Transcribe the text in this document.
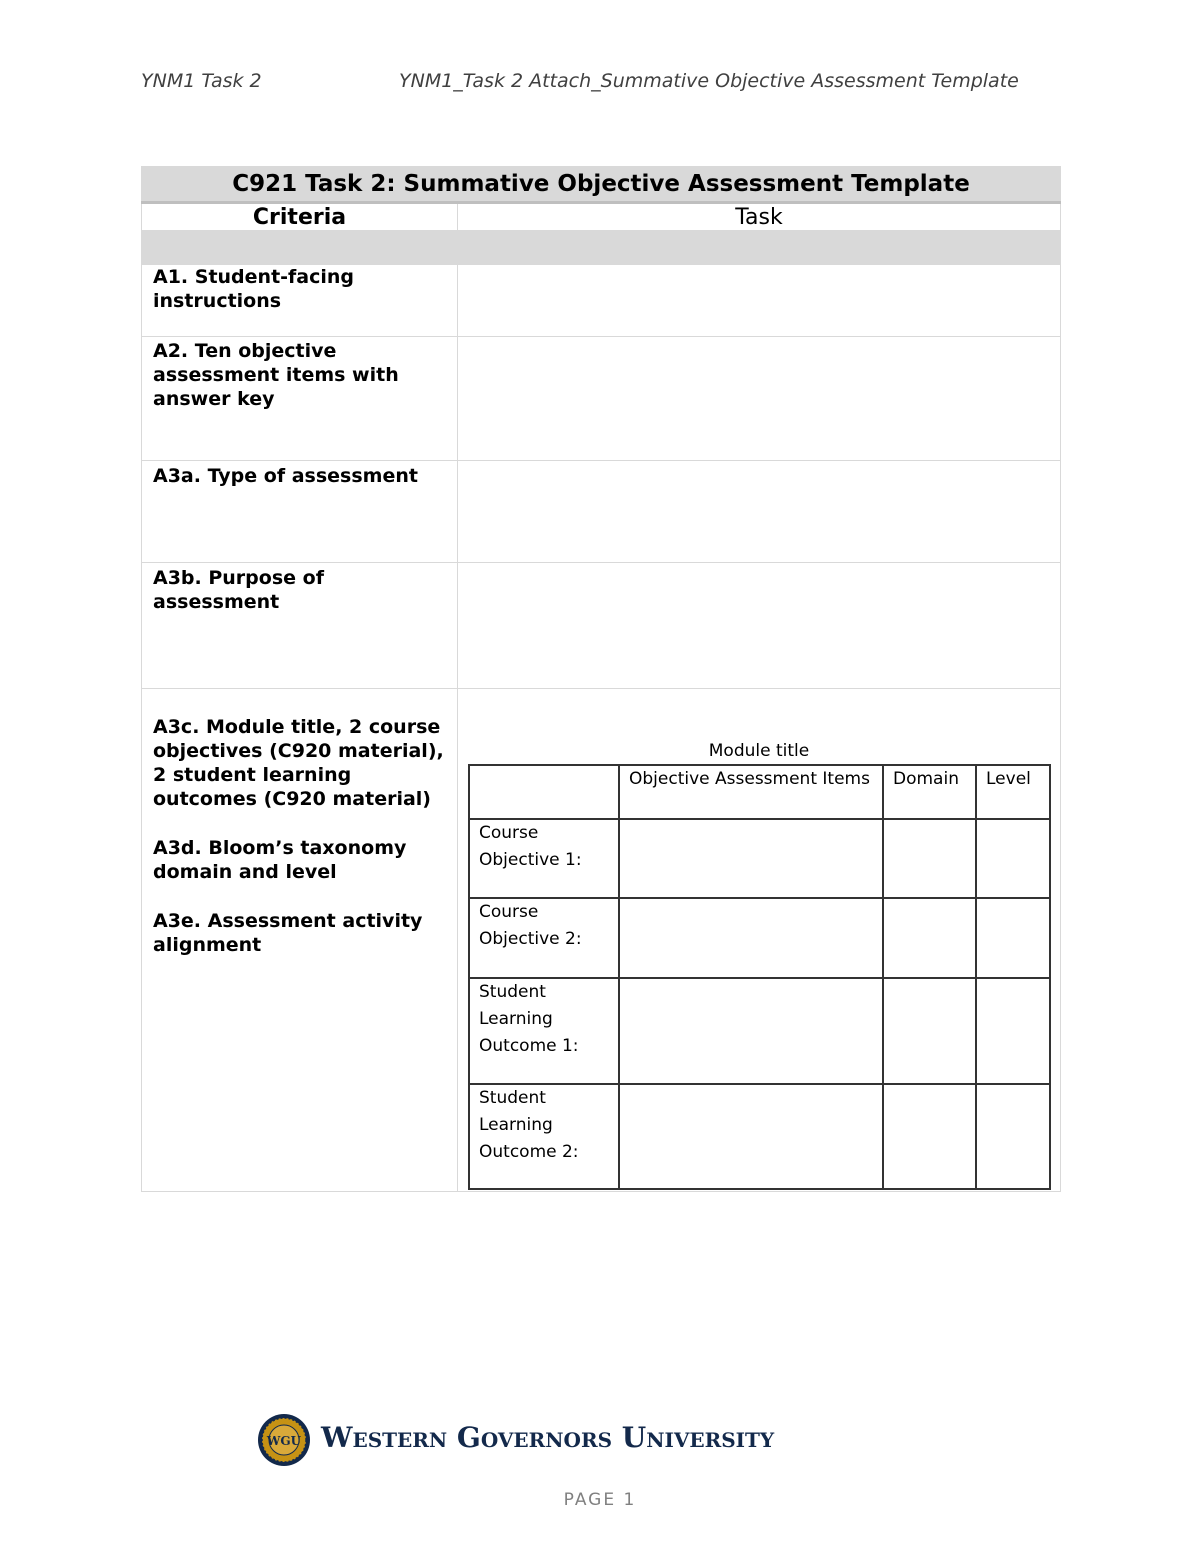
YNM1 Task 2	YNM1_Task 2 Attach_Summative Objective Assessment Template
C921 Task 2: Summative Objective Assessment Template
Criteria	Task

A1. Student-facing instructions	
A2. Ten objective assessment items with answer key	
A3a. Type of assessment	
A3b. Purpose of assessment	

A3c. Module title, 2 course objectives (C920 material), 2 student learning outcomes (C920 material)

A3d. Bloom’s taxonomy domain and level

A3e. Assessment activity alignment

Module title
	Objective Assessment Items	Domain	Level
Course Objective 1:			
Course Objective 2:			
Student Learning Outcome 1:			
Student Learning Outcome 2:			
WGU Western Governors University
PAGE 1
